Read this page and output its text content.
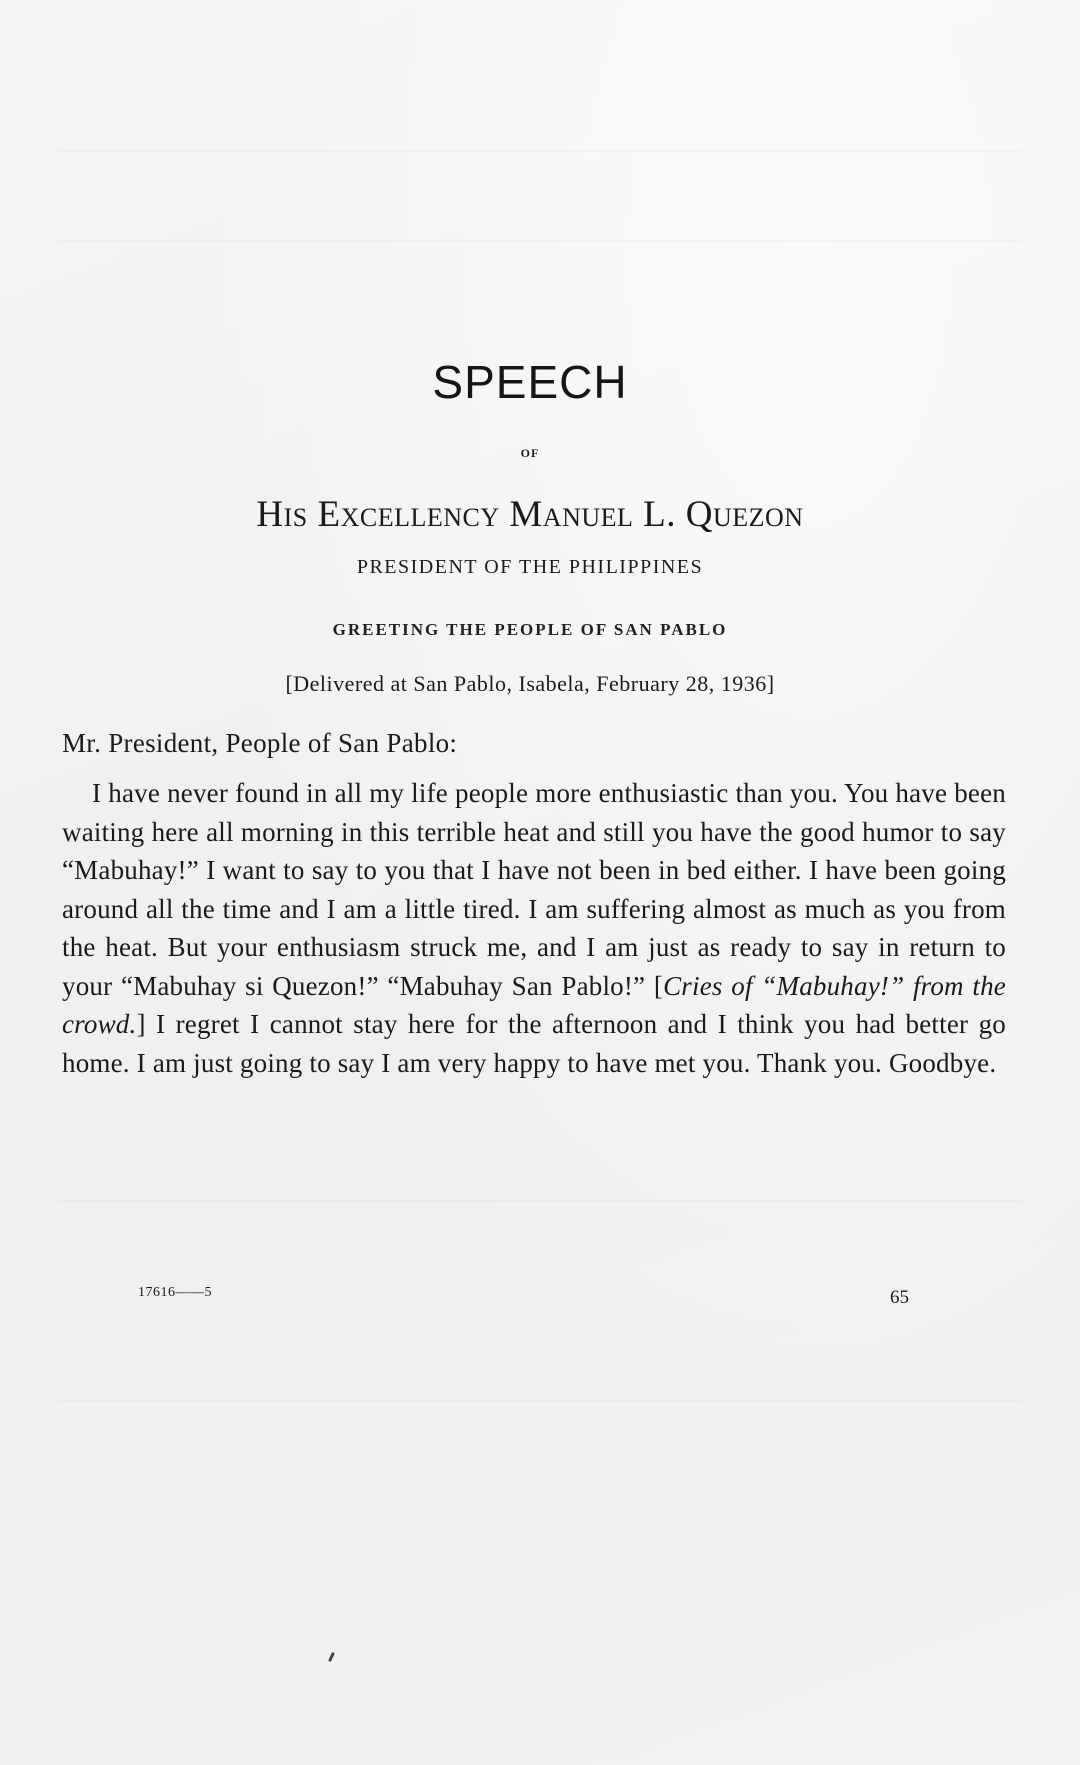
SPEECH
OF
His Excellency Manuel L. Quezon
PRESIDENT OF THE PHILIPPINES
GREETING THE PEOPLE OF SAN PABLO
[Delivered at San Pablo, Isabela, February 28, 1936]
Mr. President, People of San Pablo:

I have never found in all my life people more enthusiastic than you. You have been waiting here all morning in this terrible heat and still you have the good humor to say “Mabuhay!” I want to say to you that I have not been in bed either. I have been going around all the time and I am a little tired. I am suffering almost as much as you from the heat. But your enthusiasm struck me, and I am just as ready to say in return to your “Mabuhay si Quezon!” “Mabuhay San Pablo!” [Cries of “Mabuhay!” from the crowd.] I regret I cannot stay here for the afternoon and I think you had better go home. I am just going to say I am very happy to have met you. Thank you. Goodbye.

17616——5	65
